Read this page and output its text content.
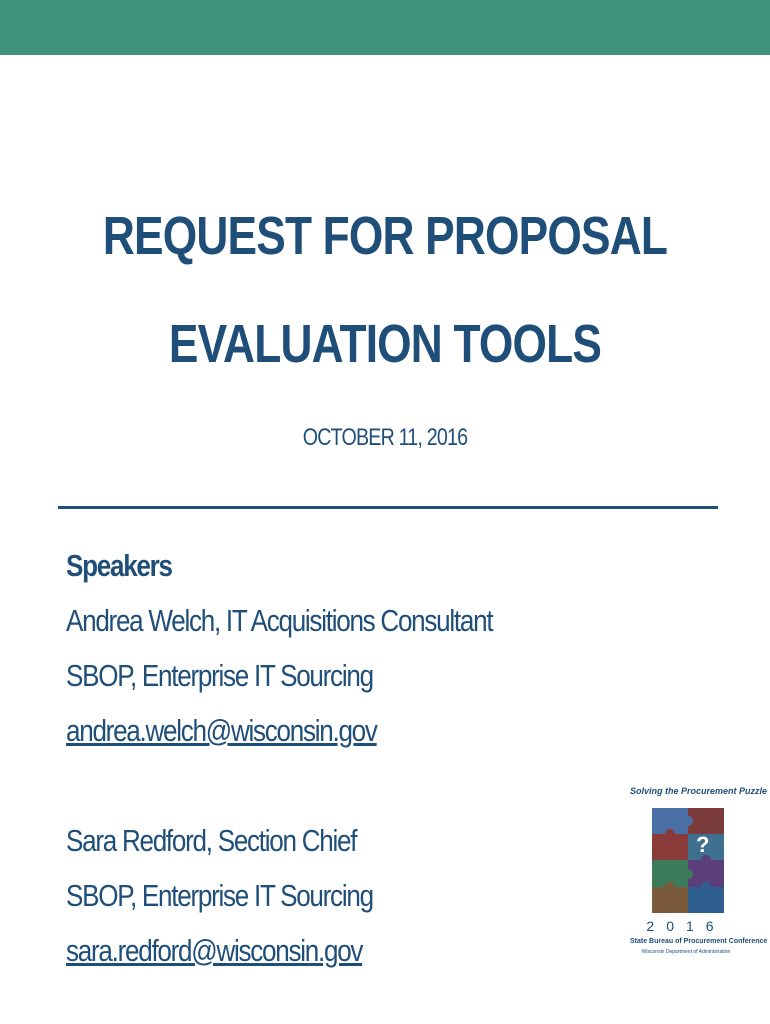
REQUEST FOR PROPOSAL
EVALUATION TOOLS
OCTOBER 11, 2016
Speakers
Andrea Welch, IT Acquisitions Consultant
SBOP, Enterprise IT Sourcing
andrea.welch@wisconsin.gov
Sara Redford, Section Chief
SBOP, Enterprise IT Sourcing
sara.redford@wisconsin.gov
Solving the Procurement Puzzle
?
2016
State Bureau of Procurement Conference
Wisconsin Department of Administration
